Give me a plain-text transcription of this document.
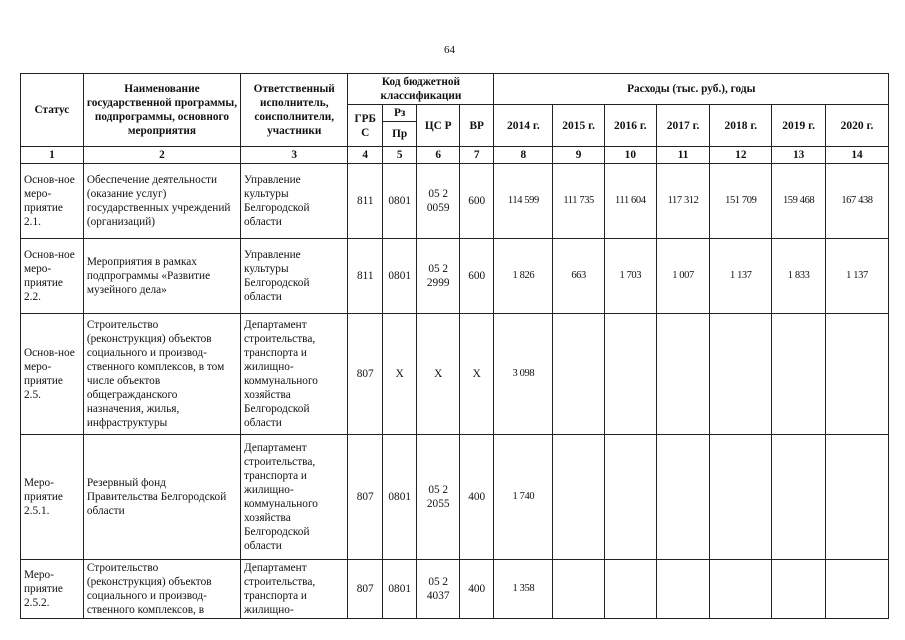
64
Статус	Наименование государственной программы, подпрограммы, основного мероприятия	Ответственный исполнитель, соисполнители, участники	Код бюджетной классификации				Расходы (тыс. руб.), годы						
			ГРБ С	Рз	ЦС Р	ВР	2014 г.	2015 г.	2016 г.	2017 г.	2018 г.	2019 г.	2020 г.
				Пр									
1	2	3	4	5	6	7	8	9	10	11	12	13	14
Основ-ное меро-приятие 2.1.	Обеспечение деятельности (оказание услуг) государственных учреждений (организаций)	Управление культуры Белгородской области	811	0801	05 2 0059	600	114 599	111 735	111 604	117 312	151 709	159 468	167 438
Основ-ное меро-приятие 2.2.	Мероприятия в рамках подпрограммы «Развитие музейного дела»	Управление культуры Белгородской области	811	0801	05 2 2999	600	1 826	663	1 703	1 007	1 137	1 833	1 137
Основ-ное меро-приятие 2.5.	Строительство (реконструкция) объектов социального и производ-ственного комплексов, в том числе объектов общегражданского назначения, жилья, инфраструктуры	Департамент строительства, транспорта и жилищно-коммунального хозяйства Белгородской области	807	Х	Х	Х	3 098						
Меро-приятие 2.5.1.	Резервный фонд Правительства Белгородской области	Департамент строительства, транспорта и жилищно-коммунального хозяйства Белгородской области	807	0801	05 2 2055	400	1 740						
Меро-приятие 2.5.2.	Строительство (реконструкция) объектов социального и производ-ственного комплексов, в	Департамент строительства, транспорта и жилищно-	807	0801	05 2 4037	400	1 358						
